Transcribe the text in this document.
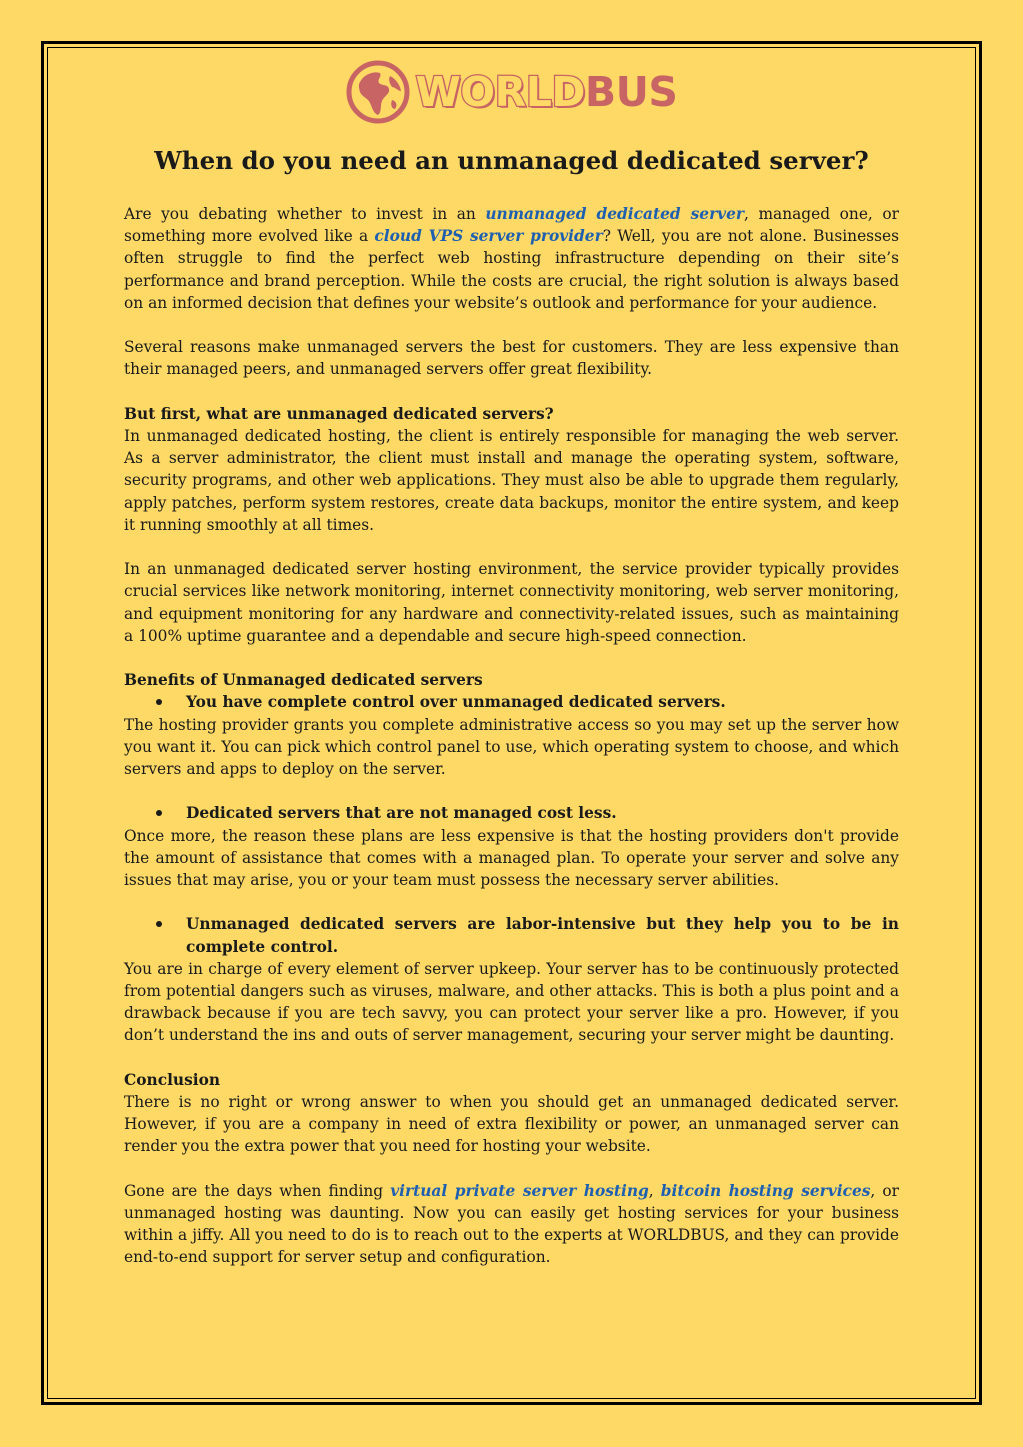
WORLD BUS
When do you need an unmanaged dedicated server?

Are you debating whether to invest in an unmanaged dedicated server, managed one, or something more evolved like a cloud VPS server provider? Well, you are not alone. Businesses often struggle to find the perfect web hosting infrastructure depending on their site’s performance and brand perception. While the costs are crucial, the right solution is always based on an informed decision that defines your website’s outlook and performance for your audience.

Several reasons make unmanaged servers the best for customers. They are less expensive than their managed peers, and unmanaged servers offer great flexibility.

But first, what are unmanaged dedicated servers?

In unmanaged dedicated hosting, the client is entirely responsible for managing the web server. As a server administrator, the client must install and manage the operating system, software, security programs, and other web applications. They must also be able to upgrade them regularly, apply patches, perform system restores, create data backups, monitor the entire system, and keep it running smoothly at all times.

In an unmanaged dedicated server hosting environment, the service provider typically provides crucial services like network monitoring, internet connectivity monitoring, web server monitoring, and equipment monitoring for any hardware and connectivity-related issues, such as maintaining a 100% uptime guarantee and a dependable and secure high-speed connection.

Benefits of Unmanaged dedicated servers
You have complete control over unmanaged dedicated servers.

The hosting provider grants you complete administrative access so you may set up the server how you want it. You can pick which control panel to use, which operating system to choose, and which servers and apps to deploy on the server.

Dedicated servers that are not managed cost less.

Once more, the reason these plans are less expensive is that the hosting providers don't provide the amount of assistance that comes with a managed plan. To operate your server and solve any issues that may arise, you or your team must possess the necessary server abilities.

Unmanaged dedicated servers are labor-intensive but they help you to be in complete control.

You are in charge of every element of server upkeep. Your server has to be continuously protected from potential dangers such as viruses, malware, and other attacks. This is both a plus point and a drawback because if you are tech savvy, you can protect your server like a pro. However, if you don’t understand the ins and outs of server management, securing your server might be daunting.

Conclusion

There is no right or wrong answer to when you should get an unmanaged dedicated server. However, if you are a company in need of extra flexibility or power, an unmanaged server can render you the extra power that you need for hosting your website.

Gone are the days when finding virtual private server hosting, bitcoin hosting services, or unmanaged hosting was daunting. Now you can easily get hosting services for your business within a jiffy. All you need to do is to reach out to the experts at WORLDBUS, and they can provide end-to-end support for server setup and configuration.
